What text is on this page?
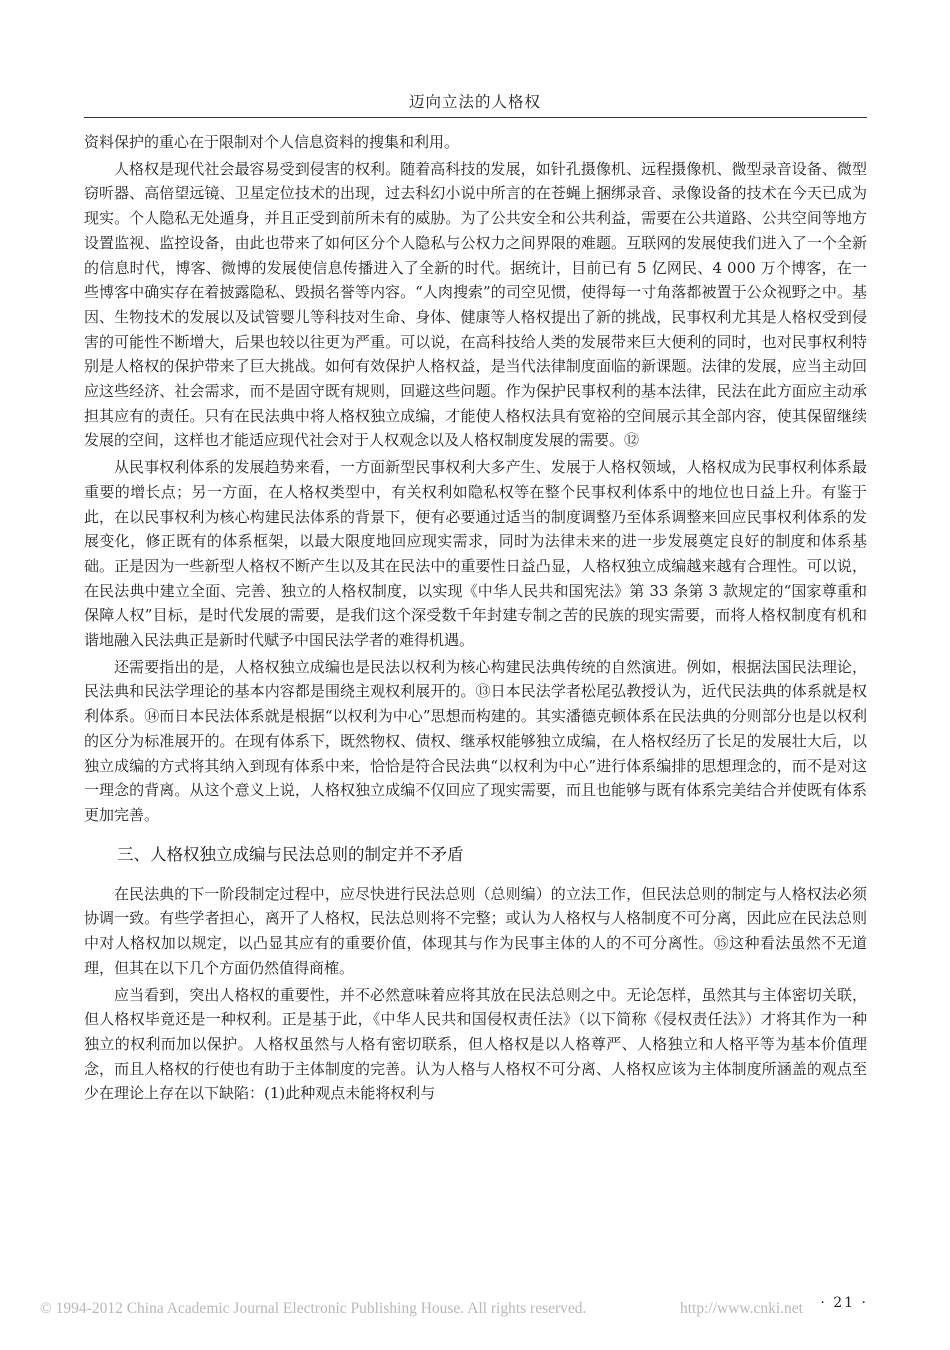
迈向立法的人格权

资料保护的重心在于限制对个人信息资料的搜集和利用。

人格权是现代社会最容易受到侵害的权利。随着高科技的发展，如针孔摄像机、远程摄像机、微型录音设备、微型窃听器、高倍望远镜、卫星定位技术的出现，过去科幻小说中所言的在苍蝇上捆绑录音、录像设备的技术在今天已成为现实。个人隐私无处遁身，并且正受到前所未有的威胁。为了公共安全和公共利益，需要在公共道路、公共空间等地方设置监视、监控设备，由此也带来了如何区分个人隐私与公权力之间界限的难题。互联网的发展使我们进入了一个全新的信息时代，博客、微博的发展使信息传播进入了全新的时代。据统计，目前已有 5 亿网民、4 000 万个博客，在一些博客中确实存在着披露隐私、毁损名誉等内容。“人肉搜索”的司空见惯，使得每一寸角落都被置于公众视野之中。基因、生物技术的发展以及试管婴儿等科技对生命、身体、健康等人格权提出了新的挑战，民事权利尤其是人格权受到侵害的可能性不断增大，后果也较以往更为严重。可以说，在高科技给人类的发展带来巨大便利的同时，也对民事权利特别是人格权的保护带来了巨大挑战。如何有效保护人格权益，是当代法律制度面临的新课题。法律的发展，应当主动回应这些经济、社会需求，而不是固守既有规则，回避这些问题。作为保护民事权利的基本法律，民法在此方面应主动承担其应有的责任。只有在民法典中将人格权独立成编，才能使人格权法具有宽裕的空间展示其全部内容，使其保留继续发展的空间，这样也才能适应现代社会对于人权观念以及人格权制度发展的需要。⑫

从民事权利体系的发展趋势来看，一方面新型民事权利大多产生、发展于人格权领域，人格权成为民事权利体系最重要的增长点；另一方面，在人格权类型中，有关权利如隐私权等在整个民事权利体系中的地位也日益上升。有鉴于此，在以民事权利为核心构建民法体系的背景下，便有必要通过适当的制度调整乃至体系调整来回应民事权利体系的发展变化，修正既有的体系框架，以最大限度地回应现实需求，同时为法律未来的进一步发展奠定良好的制度和体系基础。正是因为一些新型人格权不断产生以及其在民法中的重要性日益凸显，人格权独立成编越来越有合理性。可以说，在民法典中建立全面、完善、独立的人格权制度，以实现《中华人民共和国宪法》第 33 条第 3 款规定的“国家尊重和保障人权”目标，是时代发展的需要，是我们这个深受数千年封建专制之苦的民族的现实需要，而将人格权制度有机和谐地融入民法典正是新时代赋予中国民法学者的难得机遇。

还需要指出的是，人格权独立成编也是民法以权利为核心构建民法典传统的自然演进。例如，根据法国民法理论，民法典和民法学理论的基本内容都是围绕主观权利展开的。⑬日本民法学者松尾弘教授认为，近代民法典的体系就是权利体系。⑭而日本民法体系就是根据“以权利为中心”思想而构建的。其实潘德克顿体系在民法典的分则部分也是以权利的区分为标准展开的。在现有体系下，既然物权、债权、继承权能够独立成编，在人格权经历了长足的发展壮大后，以独立成编的方式将其纳入到现有体系中来，恰恰是符合民法典“以权利为中心”进行体系编排的思想理念的，而不是对这一理念的背离。从这个意义上说，人格权独立成编不仅回应了现实需要，而且也能够与既有体系完美结合并使既有体系更加完善。

三、人格权独立成编与民法总则的制定并不矛盾

在民法典的下一阶段制定过程中，应尽快进行民法总则（总则编）的立法工作，但民法总则的制定与人格权法必须协调一致。有些学者担心，离开了人格权，民法总则将不完整；或认为人格权与人格制度不可分离，因此应在民法总则中对人格权加以规定，以凸显其应有的重要价值，体现其与作为民事主体的人的不可分离性。⑮这种看法虽然不无道理，但其在以下几个方面仍然值得商榷。

应当看到，突出人格权的重要性，并不必然意味着应将其放在民法总则之中。无论怎样，虽然其与主体密切关联，但人格权毕竟还是一种权利。正是基于此，《中华人民共和国侵权责任法》（以下简称《侵权责任法》）才将其作为一种独立的权利而加以保护。人格权虽然与人格有密切联系，但人格权是以人格尊严、人格独立和人格平等为基本价值理念，而且人格权的行使也有助于主体制度的完善。认为人格与人格权不可分离、人格权应该为主体制度所涵盖的观点至少在理论上存在以下缺陷：(1)此种观点未能将权利与

· 21 ·
© 1994-2012 China Academic Journal Electronic Publishing House. All rights reserved.	http://www.cnki.net
